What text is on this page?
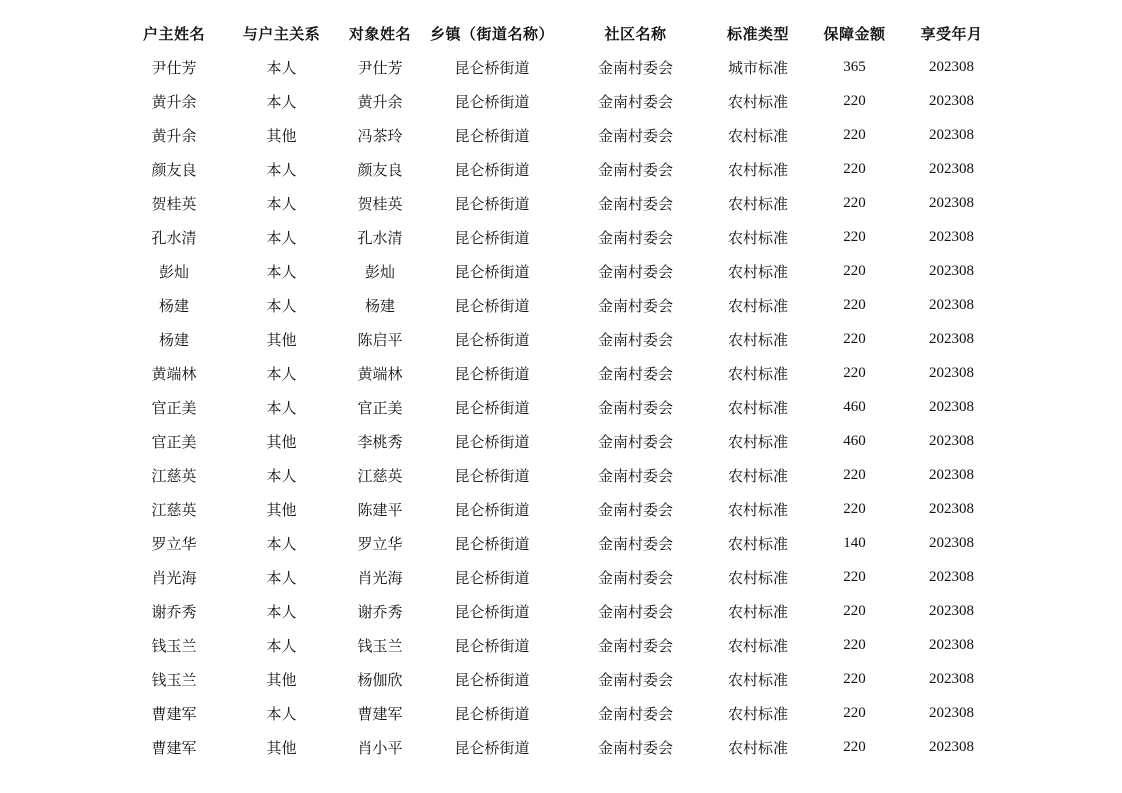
户主姓名	与户主关系	对象姓名	乡镇（街道名称）	社区名称	标准类型	保障金额	享受年月
尹仕芳	本人	尹仕芳	昆仑桥街道	金南村委会	城市标准	365	202308
黄升余	本人	黄升余	昆仑桥街道	金南村委会	农村标准	220	202308
黄升余	其他	冯茶玲	昆仑桥街道	金南村委会	农村标准	220	202308
颜友良	本人	颜友良	昆仑桥街道	金南村委会	农村标准	220	202308
贺桂英	本人	贺桂英	昆仑桥街道	金南村委会	农村标准	220	202308
孔水清	本人	孔水清	昆仑桥街道	金南村委会	农村标准	220	202308
彭灿	本人	彭灿	昆仑桥街道	金南村委会	农村标准	220	202308
杨建	本人	杨建	昆仑桥街道	金南村委会	农村标准	220	202308
杨建	其他	陈启平	昆仑桥街道	金南村委会	农村标准	220	202308
黄端林	本人	黄端林	昆仑桥街道	金南村委会	农村标准	220	202308
官正美	本人	官正美	昆仑桥街道	金南村委会	农村标准	460	202308
官正美	其他	李桃秀	昆仑桥街道	金南村委会	农村标准	460	202308
江慈英	本人	江慈英	昆仑桥街道	金南村委会	农村标准	220	202308
江慈英	其他	陈建平	昆仑桥街道	金南村委会	农村标准	220	202308
罗立华	本人	罗立华	昆仑桥街道	金南村委会	农村标准	140	202308
肖光海	本人	肖光海	昆仑桥街道	金南村委会	农村标准	220	202308
谢乔秀	本人	谢乔秀	昆仑桥街道	金南村委会	农村标准	220	202308
钱玉兰	本人	钱玉兰	昆仑桥街道	金南村委会	农村标准	220	202308
钱玉兰	其他	杨伽欣	昆仑桥街道	金南村委会	农村标准	220	202308
曹建军	本人	曹建军	昆仑桥街道	金南村委会	农村标准	220	202308
曹建军	其他	肖小平	昆仑桥街道	金南村委会	农村标准	220	202308
